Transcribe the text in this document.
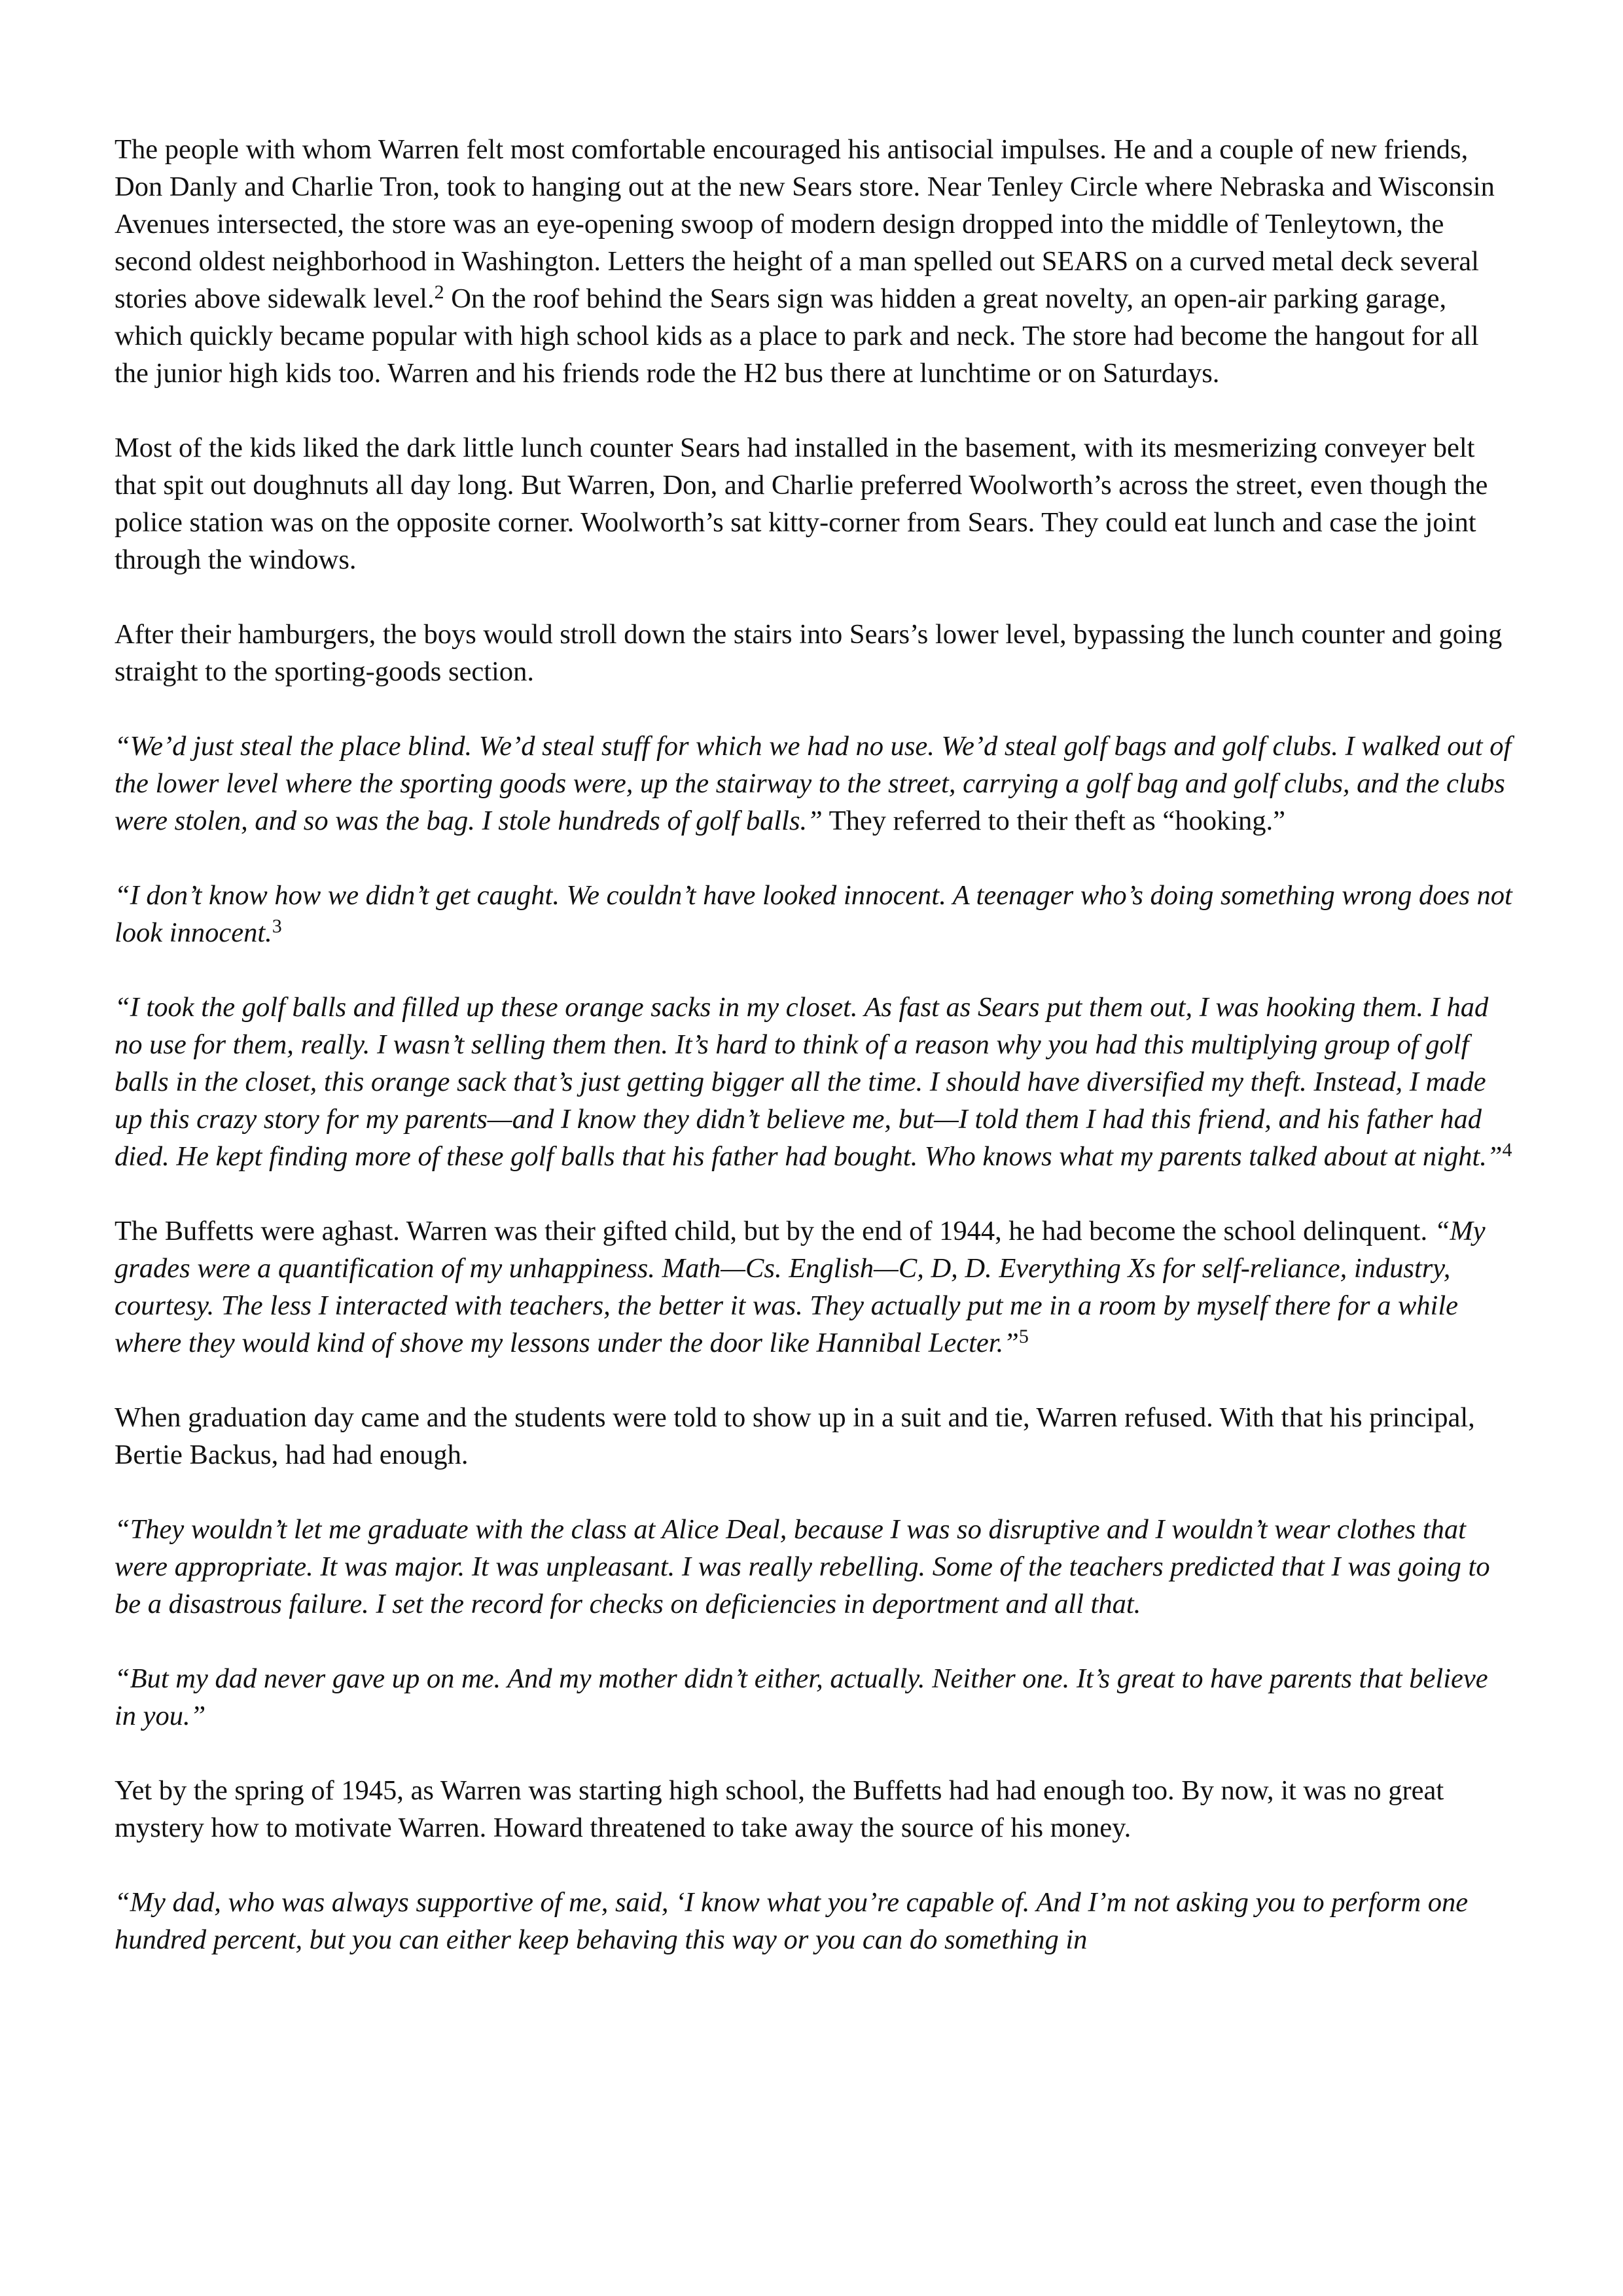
The people with whom Warren felt most comfortable encouraged his antisocial impulses. He and a couple of new friends, Don Danly and Charlie Tron, took to hanging out at the new Sears store. Near Tenley Circle where Nebraska and Wisconsin Avenues intersected, the store was an eye-opening swoop of modern design dropped into the middle of Tenleytown, the second oldest neighborhood in Washington. Letters the height of a man spelled out SEARS on a curved metal deck several stories above sidewalk level.$^2$ On the roof behind the Sears sign was hidden a great novelty, an open-air parking garage, which quickly became popular with high school kids as a place to park and neck. The store had become the hangout for all the junior high kids too. Warren and his friends rode the H2 bus there at lunchtime or on Saturdays.

Most of the kids liked the dark little lunch counter Sears had installed in the basement, with its mesmerizing conveyer belt that spit out doughnuts all day long. But Warren, Don, and Charlie preferred Woolworth’s across the street, even though the police station was on the opposite corner. Woolworth’s sat kitty-corner from Sears. They could eat lunch and case the joint through the windows.

After their hamburgers, the boys would stroll down the stairs into Sears’s lower level, bypassing the lunch counter and going straight to the sporting-goods section.

“We’d just steal the place blind. We’d steal stuff for which we had no use. We’d steal golf bags and golf clubs. I walked out of the lower level where the sporting goods were, up the stairway to the street, carrying a golf bag and golf clubs, and the clubs were stolen, and so was the bag. I stole hundreds of golf balls.” They referred to their theft as “hooking.”

“I don’t know how we didn’t get caught. We couldn’t have looked innocent. A teenager who’s doing something wrong does not look innocent.$^3$

“I took the golf balls and filled up these orange sacks in my closet. As fast as Sears put them out, I was hooking them. I had no use for them, really. I wasn’t selling them then. It’s hard to think of a reason why you had this multiplying group of golf balls in the closet, this orange sack that’s just getting bigger all the time. I should have diversified my theft. Instead, I made up this crazy story for my parents—and I know they didn’t believe me, but—I told them I had this friend, and his father had died. He kept finding more of these golf balls that his father had bought. Who knows what my parents talked about at night.”$^4$

The Buffetts were aghast. Warren was their gifted child, but by the end of 1944, he had become the school delinquent. “My grades were a quantification of my unhappiness. Math—Cs. English—C, D, D. Everything Xs for self-reliance, industry, courtesy. The less I interacted with teachers, the better it was. They actually put me in a room by myself there for a while where they would kind of shove my lessons under the door like Hannibal Lecter.”$^5$

When graduation day came and the students were told to show up in a suit and tie, Warren refused. With that his principal, Bertie Backus, had had enough.

“They wouldn’t let me graduate with the class at Alice Deal, because I was so disruptive and I wouldn’t wear clothes that were appropriate. It was major. It was unpleasant. I was really rebelling. Some of the teachers predicted that I was going to be a disastrous failure. I set the record for checks on deficiencies in deportment and all that.

“But my dad never gave up on me. And my mother didn’t either, actually. Neither one. It’s great to have parents that believe in you.”

Yet by the spring of 1945, as Warren was starting high school, the Buffetts had had enough too. By now, it was no great mystery how to motivate Warren. Howard threatened to take away the source of his money.

“My dad, who was always supportive of me, said, ‘I know what you’re capable of. And I’m not asking you to perform one hundred percent, but you can either keep behaving this way or you can do something in
